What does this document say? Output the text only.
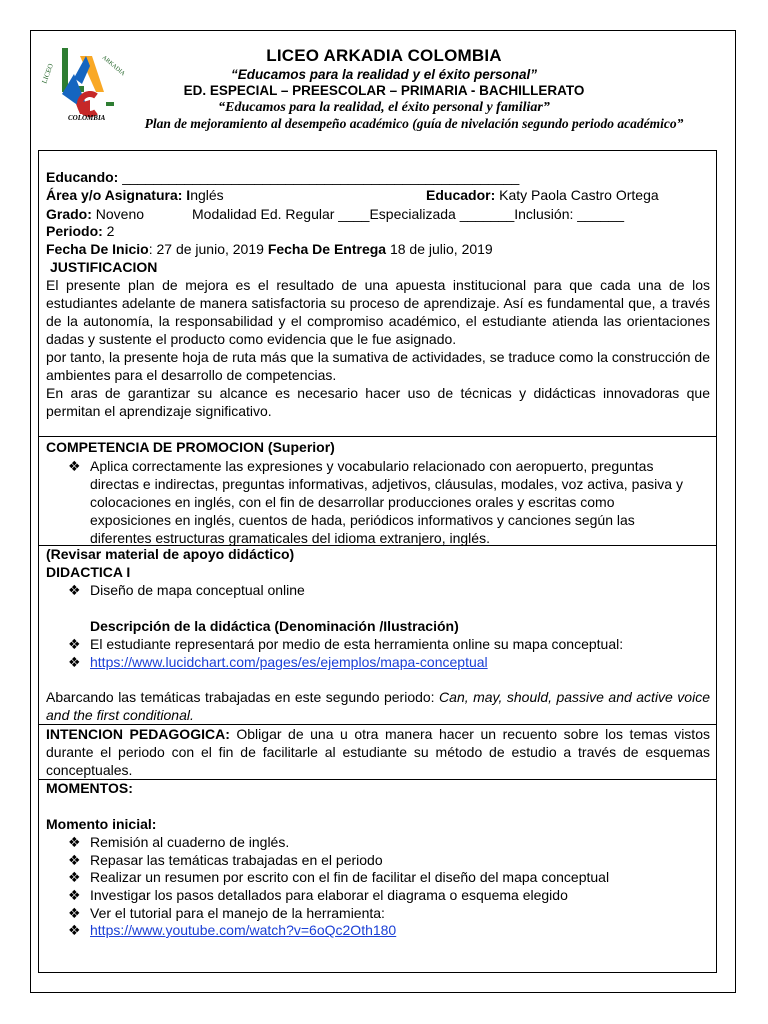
LICEO	ARKADIA
COLOMBIA
LICEO ARKADIA COLOMBIA
“Educamos para la realidad y el éxito personal”
ED. ESPECIAL – PREESCOLAR – PRIMARIA - BACHILLERATO
“Educamos para la realidad, el éxito personal y familiar”
Plan de mejoramiento al desempeño académico (guía de nivelación segundo periodo académico”
Educando: ___________________________________________________
Área y/o Asignatura: Inglés	Educador: Katy Paola Castro Ortega
Grado: Noveno	Modalidad Ed. Regular ____Especializada _______Inclusión: ______
Periodo: 2
Fecha De Inicio: 27 de junio, 2019 Fecha De Entrega 18 de julio, 2019
JUSTIFICACION
El presente plan de mejora es el resultado de una apuesta institucional para que cada una de los estudiantes adelante de manera satisfactoria su proceso de aprendizaje. Así es fundamental que, a través de la autonomía, la responsabilidad y el compromiso académico, el estudiante atienda las orientaciones dadas y sustente el producto como evidencia que le fue asignado.
por tanto, la presente hoja de ruta más que la sumativa de actividades, se traduce como la construcción de ambientes para el desarrollo de competencias.
En aras de garantizar su alcance es necesario hacer uso de técnicas y didácticas innovadoras que permitan el aprendizaje significativo.
COMPETENCIA DE PROMOCION (Superior)
❖ Aplica correctamente las expresiones y vocabulario relacionado con aeropuerto, preguntas directas e indirectas, preguntas informativas, adjetivos, cláusulas, modales, voz activa, pasiva y colocaciones en inglés, con el fin de desarrollar producciones orales y escritas como exposiciones en inglés, cuentos de hada, periódicos informativos y canciones según las diferentes estructuras gramaticales del idioma extranjero, inglés.
(Revisar material de apoyo didáctico)
DIDACTICA I
❖ Diseño de mapa conceptual online
Descripción de la didáctica (Denominación /Ilustración)
❖ El estudiante representará por medio de esta herramienta online su mapa conceptual:
❖ https://www.lucidchart.com/pages/es/ejemplos/mapa-conceptual
Abarcando las temáticas trabajadas en este segundo periodo: Can, may, should, passive and active voice and the first conditional.
INTENCION PEDAGOGICA: Obligar de una u otra manera hacer un recuento sobre los temas vistos durante el periodo con el fin de facilitarle al estudiante su método de estudio a través de esquemas conceptuales.
MOMENTOS:
Momento inicial:
❖ Remisión al cuaderno de inglés.
❖ Repasar las temáticas trabajadas en el periodo
❖ Realizar un resumen por escrito con el fin de facilitar el diseño del mapa conceptual
❖ Investigar los pasos detallados para elaborar el diagrama o esquema elegido
❖ Ver el tutorial para el manejo de la herramienta:
❖ https://www.youtube.com/watch?v=6oQc2Oth180
